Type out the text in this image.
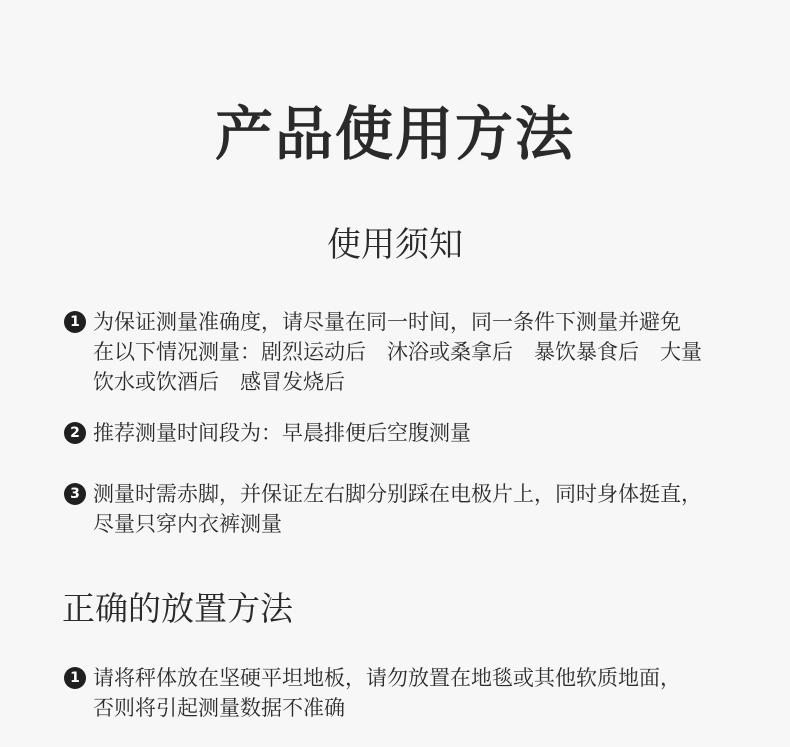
产品使用方法
使用须知
1 为保证测量准确度，请尽量在同一时间，同一条件下测量并避免
在以下情况测量：剧烈运动后　沐浴或桑拿后　暴饮暴食后　大量
饮水或饮酒后　感冒发烧后
2 推荐测量时间段为：早晨排便后空腹测量
3 测量时需赤脚，并保证左右脚分别踩在电极片上，同时身体挺直，
尽量只穿内衣裤测量
正确的放置方法
1 请将秤体放在坚硬平坦地板，请勿放置在地毯或其他软质地面，
否则将引起测量数据不准确
